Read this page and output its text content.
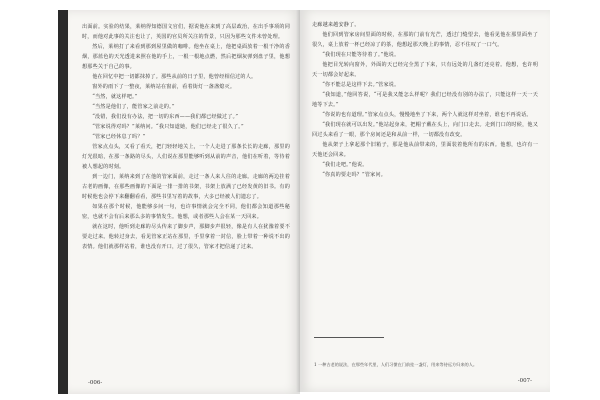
出面前。实验的结果，莱纳得知德国文官们，据说他在来到了高层政治，在出手事项的同时，而他对此事的关注也让了，英国的官员所关注的背景，只因为那些文件未曾处理。

然后，莱纳打了来看到那到屋里做的咖啡。他坐在桌上，他把桌面放着一根干净的香烟，那蓝色的天光透进来照在他的手上，一根一根地点燃，然后把烟灰弹到盘子里，他想想那些关于自己的事。

他在回忆中把一切都抹掉了。那些从前的日子里，他曾经相信过的人。

窗外的雨下了一整夜，莱纳站在窗前，看着街灯一盏盏熄灭。

“当然，就这样吧。”

“当然是他们了，能管家之前走的。”

“没错，我们没有办法，把一切的东西——我们都已经做过了。”

“管家说得对吗？”莱纳问。“我只知道她，他们已经走了很久了。”

“管家已经休息了吗？”

管家点点头，又看了看天，把门轻轻地关上，一个人走进了那条长长的走廊，那里的灯光很暗，在那一条路的尽头，人们说在那里能够听到从前的声音，他们在听着，等待着被人想起的时刻。

到一边门，莱纳来到了在他的管家面前，走过一条人来人往的走廊。走廊的两边挂着古老的画像，在那些画像的下面是一排一排的书架，书架上放满了已经发黄的旧书。有的时候他也会停下来翻翻看看，那些书里写着的故事，大多已经被人们遗忘了。

如果在那个时候，他能够多问一句，也许事情就会完全不同，他们都会知道那些秘密，也就不会有后来那么多的事情发生。他想，或者那些人会在某一天回来。

就在这时，他听到走廊的尽头传来了脚步声，那脚步声很轻，像是有人在犹豫着要不要走过来。他转过身去，看见管家正站在那里，手里拿着一封信，脸上带着一种说不出的表情。他们就那样站着，谁也没有开口，过了很久，管家才把信递了过来。

-006-

走廊越来越安静了。

他们回到管家房间里面的时候，在那的门前有光芒，透过门缝望去，他看见他在那里面坐了很久，桌上放着一杯已经凉了的茶，他想起那天晚上的事情，忍不住叹了一口气。

“我们现在只能等待着了。”他说。

他把目光转向窗外，外面的天已经完全黑了下来，只有远处的几盏灯还亮着。他想，也许明天一切都会好起来。

“你不能总是这样下去。”管家说。

“我知道，”他回答说，“可是我又能怎么样呢？我们已经没有别的办法了，只能这样一天一天地等下去。”

“你说的也有道理。”管家点点头，慢慢地坐了下来，两个人就这样对坐着，谁也不再说话。

“我们现在就可以出发。”他站起身来，把帽子戴在头上，向门口走去。走到门口的时候，他又回过头来看了一眼，那个房间还是和从前一样，一切都没有改变。

他从架子上拿起那个旧箱子，那是他从前带来的，里面装着他所有的东西。他想，也许有一天他还会回来。

“我们走吧。”他说。

“你真的要走吗？”管家问。

1 一种古老的说法，在那些年代里，人们习惯在门前挂一盏灯，用来等待远方归来的人。
-007-
